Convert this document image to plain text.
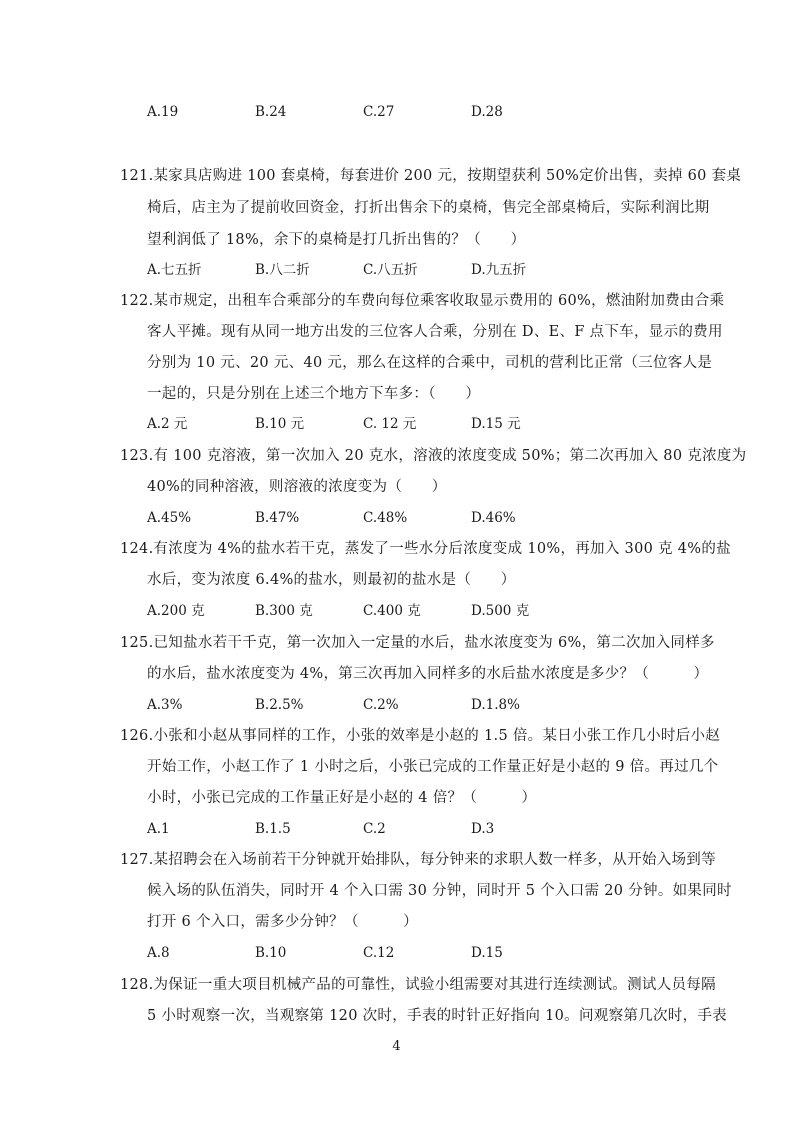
A.19	B.24	C.27	D.28
121.某家具店购进 100 套桌椅，每套进价 200 元，按期望获利 50%定价出售，卖掉 60 套桌
椅后，店主为了提前收回资金，打折出售余下的桌椅，售完全部桌椅后，实际利润比期
望利润低了 18%，余下的桌椅是打几折出售的？（　　）
A.七五折	B.八二折	C.八五折	D.九五折
122.某市规定，出租车合乘部分的车费向每位乘客收取显示费用的 60%，燃油附加费由合乘
客人平摊。现有从同一地方出发的三位客人合乘，分别在 D、E、F 点下车，显示的费用
分别为 10 元、20 元、40 元，那么在这样的合乘中，司机的营利比正常（三位客人是
一起的，只是分别在上述三个地方下车多：（　　）
A.2 元	B.10 元	C. 12 元	D.15 元
123.有 100 克溶液，第一次加入 20 克水，溶液的浓度变成 50%；第二次再加入 80 克浓度为
40%的同种溶液，则溶液的浓度变为（　　）
A.45%	B.47%	C.48%	D.46%
124.有浓度为 4%的盐水若干克，蒸发了一些水分后浓度变成 10%，再加入 300 克 4%的盐
水后，变为浓度 6.4%的盐水，则最初的盐水是（　　）
A.200 克	B.300 克	C.400 克	D.500 克
125.已知盐水若干千克，第一次加入一定量的水后，盐水浓度变为 6%，第二次加入同样多
的水后，盐水浓度变为 4%，第三次再加入同样多的水后盐水浓度是多少？（　　　）
A.3%	B.2.5%	C.2%	D.1.8%
126.小张和小赵从事同样的工作，小张的效率是小赵的 1.5 倍。某日小张工作几小时后小赵
开始工作，小赵工作了 1 小时之后，小张已完成的工作量正好是小赵的 9 倍。再过几个
小时，小张已完成的工作量正好是小赵的 4 倍？（　　　）
A.1	B.1.5	C.2	D.3
127.某招聘会在入场前若干分钟就开始排队，每分钟来的求职人数一样多，从开始入场到等
候入场的队伍消失，同时开 4 个入口需 30 分钟，同时开 5 个入口需 20 分钟。如果同时
打开 6 个入口，需多少分钟？（　　　）
A.8	B.10	C.12	D.15
128.为保证一重大项目机械产品的可靠性，试验小组需要对其进行连续测试。测试人员每隔
5 小时观察一次，当观察第 120 次时，手表的时针正好指向 10。问观察第几次时，手表
4
